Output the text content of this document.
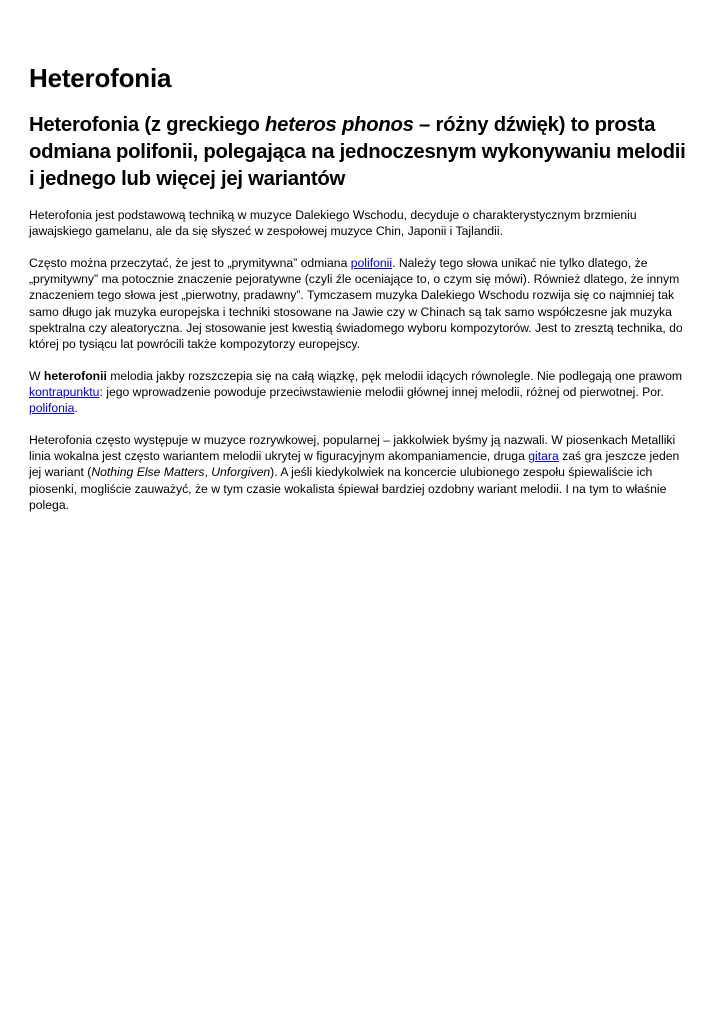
Heterofonia
Heterofonia (z greckiego heteros phonos – różny dźwięk) to prosta odmiana polifonii, polegająca na jednoczesnym wykonywaniu melodii i jednego lub więcej jej wariantów

Heterofonia jest podstawową techniką w muzyce Dalekiego Wschodu, decyduje o charakterystycznym brzmieniu jawajskiego gamelanu, ale da się słyszeć w zespołowej muzyce Chin, Japonii i Tajlandii.

Często można przeczytać, że jest to „prymitywna” odmiana polifonii. Należy tego słowa unikać nie tylko dlatego, że „prymitywny” ma potocznie znaczenie pejoratywne (czyli źle oceniające to, o czym się mówi). Również dlatego, że innym znaczeniem tego słowa jest „pierwotny, pradawny”. Tymczasem muzyka Dalekiego Wschodu rozwija się co najmniej tak samo długo jak muzyka europejska i techniki stosowane na Jawie czy w Chinach są tak samo współczesne jak muzyka spektralna czy aleatoryczna. Jej stosowanie jest kwestią świadomego wyboru kompozytorów. Jest to zresztą technika, do której po tysiącu lat powrócili także kompozytorzy europejscy.

W heterofonii melodia jakby rozszczepia się na całą wiązkę, pęk melodii idących równolegle. Nie podlegają one prawom kontrapunktu: jego wprowadzenie powoduje przeciwstawienie melodii głównej innej melodii, różnej od pierwotnej. Por. polifonia.

Heterofonia często występuje w muzyce rozrywkowej, popularnej – jakkolwiek byśmy ją nazwali. W piosenkach Metalliki linia wokalna jest często wariantem melodii ukrytej w figuracyjnym akompaniamencie, druga gitara zaś gra jeszcze jeden jej wariant (Nothing Else Matters, Unforgiven). A jeśli kiedykolwiek na koncercie ulubionego zespołu śpiewaliście ich piosenki, mogliście zauważyć, że w tym czasie wokalista śpiewał bardziej ozdobny wariant melodii. I na tym to właśnie polega.
